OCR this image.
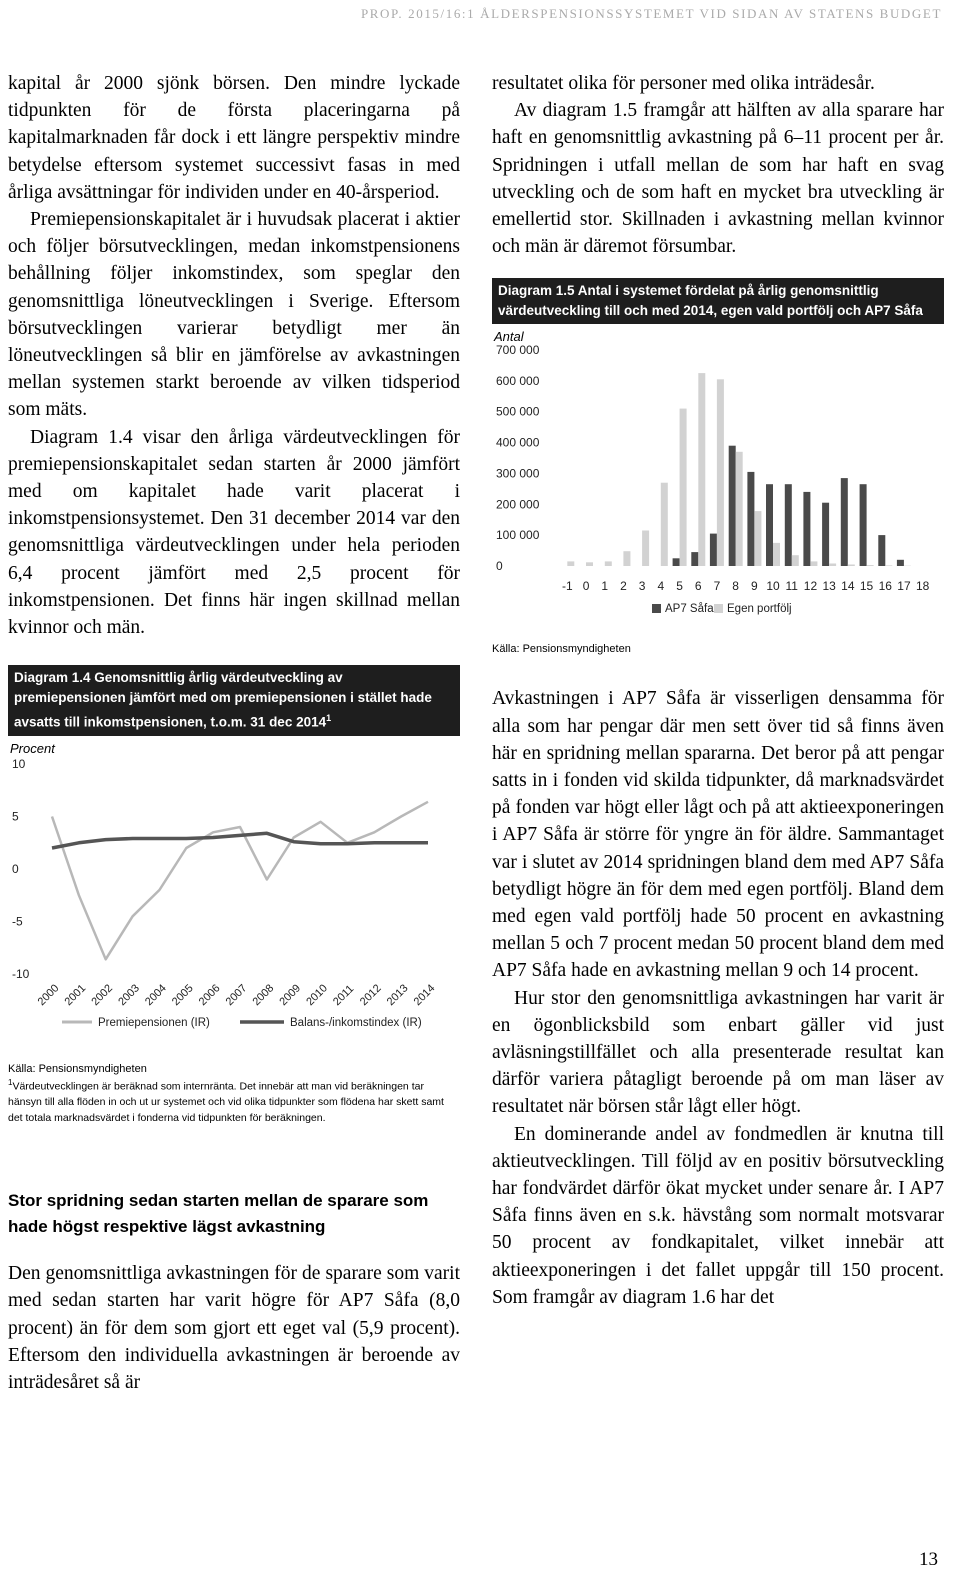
PROP. 2015/16:1 ÅLDERSPENSIONSSYSTEMET VID SIDAN AV STATENS BUDGET

kapital år 2000 sjönk börsen. Den mindre lyckade tidpunkten för de första placeringarna på kapitalmarknaden får dock i ett längre perspektiv mindre betydelse eftersom systemet successivt fasas in med årliga avsättningar för individen under en 40-årsperiod.

Premiepensionskapitalet är i huvudsak placerat i aktier och följer börsutvecklingen, medan inkomstpensionens behållning följer inkomstindex, som speglar den genomsnittliga löneutvecklingen i Sverige. Eftersom börsutvecklingen varierar betydligt mer än löneutvecklingen så blir en jämförelse av avkastningen mellan systemen starkt beroende av vilken tidsperiod som mäts.

Diagram 1.4 visar den årliga värdeutvecklingen för premiepensionskapitalet sedan starten år 2000 jämfört med om kapitalet hade varit placerat i inkomstpensionsystemet. Den 31 december 2014 var den genomsnittliga värdeutvecklingen under hela perioden 6,4 procent jämfört med 2,5 procent för inkomstpensionen. Det finns här ingen skillnad mellan kvinnor och män.

Diagram 1.4 Genomsnittlig årlig värdeutveckling av premiepensionen jämfört med om premiepensionen i stället hade avsatts till inkomstpensionen, t.o.m. 31 dec 2014$^1$
Procent
10
5
0
-5
-10
2000 2001 2002 2003 2004 2005 2006 2007 2008 2009 2010 2011 2012 2013 2014
Premiepensionen (IR)	Balans-/inkomstindex (IR)
Källa: Pensionsmyndigheten
$^1$Värdeutvecklingen är beräknad som internränta. Det innebär att man vid beräkningen tar hänsyn till alla flöden in och ut ur systemet och vid olika tidpunkter som flödena har skett samt det totala marknadsvärdet i fonderna vid tidpunkten för beräkningen.

Stor spridning sedan starten mellan de sparare som hade högst respektive lägst avkastning

Den genomsnittliga avkastningen för de sparare som varit med sedan starten har varit högre för AP7 Såfa (8,0 procent) än för dem som gjort ett eget val (5,9 procent). Eftersom den individuella avkastningen är beroende av inträdesåret så är

resultatet olika för personer med olika inträdesår.

Av diagram 1.5 framgår att hälften av alla sparare har haft en genomsnittlig avkastning på 6–11 procent per år. Spridningen i utfall mellan de som har haft en svag utveckling och de som haft en mycket bra utveckling är emellertid stor. Skillnaden i avkastning mellan kvinnor och män är däremot försumbar.

Diagram 1.5 Antal i systemet fördelat på årlig genomsnittlig värdeutveckling till och med 2014, egen vald portfölj och AP7 Såfa
Antal
700 000
600 000
500 000
400 000
300 000
200 000
100 000
0
-1 0 1 2 3 4 5 6 7 8 9 10 11 12 13 14 15 16 17 18
AP7 Såfa Egen portfölj
Källa: Pensionsmyndigheten

Avkastningen i AP7 Såfa är visserligen densamma för alla som har pengar där men sett över tid så finns även här en spridning mellan spararna. Det beror på att pengar satts in i fonden vid skilda tidpunkter, då marknadsvärdet på fonden var högt eller lågt och på att aktieexponeringen i AP7 Såfa är större för yngre än för äldre. Sammantaget var i slutet av 2014 spridningen bland dem med AP7 Såfa betydligt högre än för dem med egen portfölj. Bland dem med egen vald portfölj hade 50 procent en avkastning mellan 5 och 7 procent medan 50 procent bland dem med AP7 Såfa hade en avkastning mellan 9 och 14 procent.

Hur stor den genomsnittliga avkastningen har varit är en ögonblicksbild som enbart gäller vid just avläsningstillfället och alla presenterade resultat kan därför variera påtagligt beroende på om man läser av resultatet när börsen står lågt eller högt.

En dominerande andel av fondmedlen är knutna till aktieutvecklingen. Till följd av en positiv börsutveckling har fondvärdet därför ökat mycket under senare år. I AP7 Såfa finns även en s.k. hävstång som normalt motsvarar 50 procent av fondkapitalet, vilket innebär att aktieexponeringen i det fallet uppgår till 150 procent. Som framgår av diagram 1.6 har det

13
